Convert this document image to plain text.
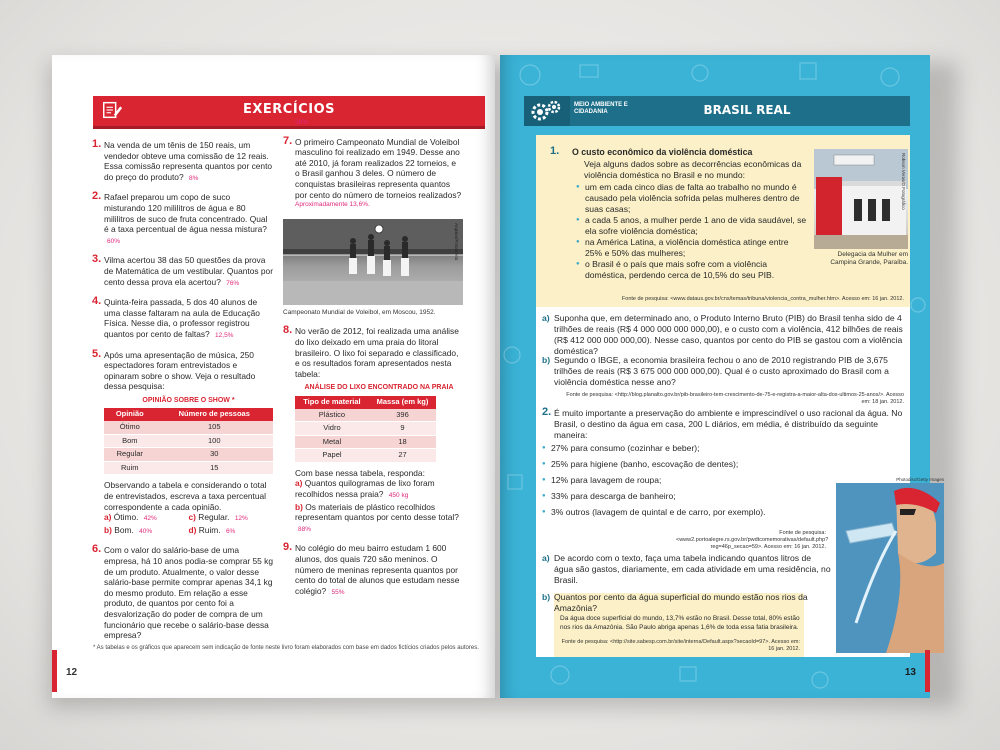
EXERCÍCIOS
1. Na venda de um tênis de 150 reais, um vendedor obteve uma comissão de 12 reais. Essa comissão representa quantos por cento do preço do produto? 8%
2. Rafael preparou um copo de suco misturando 120 mililitros de água e 80 mililitros de suco de fruta concentrado. Qual é a taxa percentual de água nessa mistura? 60%
3. Vilma acertou 38 das 50 questões da prova de Matemática de um vestibular. Quantos por cento dessa prova ela acertou? 76%
4. Quinta-feira passada, 5 dos 40 alunos de uma classe faltaram na aula de Educação Física. Nesse dia, o professor registrou quantos por cento de faltas? 12,5%
5. Após uma apresentação de música, 250 espectadores foram entrevistados e opinaram sobre o show. Veja o resultado dessa pesquisa:
OPINIÃO SOBRE O SHOW *
Opinião	Número de pessoas
Ótimo	105
Bom	100
Regular	30
Ruim	15
Observando a tabela e considerando o total de entrevistados, escreva a taxa percentual correspondente a cada opinião.
a) Ótimo. 42%	c) Regular. 12%
b) Bom. 40%	d) Ruim. 6%
6. Com o valor do salário-base de uma empresa, há 10 anos podia-se comprar 55 kg de um produto. Atualmente, o valor desse salário-base permite comprar apenas 34,1 kg do mesmo produto. Em relação a esse produto, de quantos por cento foi a desvalorização do poder de compra de um funcionário que recebe o salário-base dessa empresa?
38%
7. O primeiro Campeonato Mundial de Voleibol masculino foi realizado em 1949. Desse ano até 2010, já foram realizados 22 torneios, e o Brasil ganhou 3 deles. O número de conquistas brasileiras representa quantos por cento do número de torneios realizados?
Aproximadamente 13,6%.
Arquivo/Fotoarena
Campeonato Mundial de Voleibol, em Moscou, 1952.
8. No verão de 2012, foi realizada uma análise do lixo deixado em uma praia do litoral brasileiro. O lixo foi separado e classificado, e os resultados foram apresentados nesta tabela:
ANÁLISE DO LIXO ENCONTRADO NA PRAIA
Tipo de material	Massa (em kg)
Plástico	396
Vidro	9
Metal	18
Papel	27
Com base nessa tabela, responda:
a) Quantos quilogramas de lixo foram recolhidos nessa praia? 450 kg
b) Os materiais de plástico recolhidos representam quantos por cento desse total? 88%
9. No colégio do meu bairro estudam 1 600 alunos, dos quais 720 são meninos. O número de meninas representa quantos por cento do total de alunos que estudam nesse colégio? 55%
* As tabelas e os gráficos que aparecem sem indicação de fonte neste livro foram elaborados com base em dados fictícios criados pelos autores.
12
MEIO AMBIENTE E CIDADANIA	BRASIL REAL
1. O custo econômico da violência doméstica
Veja alguns dados sobre as decorrências econômicas da violência doméstica no Brasil e no mundo:
● um em cada cinco dias de falta ao trabalho no mundo é causado pela violência sofrida pelas mulheres dentro de suas casas;
● a cada 5 anos, a mulher perde 1 ano de vida saudável, se ela sofre violência doméstica;
● na América Latina, a violência doméstica atinge entre 25% e 50% das mulheres;
● o Brasil é o país que mais sofre com a violência doméstica, perdendo cerca de 10,5% do seu PIB.
Robson Veras/O Fotográfico
Delegacia da Mulher em Campina Grande, Paraíba.
Fonte de pesquisa: <www.dataus.gov.br/cns/temas/tribuna/violencia_contra_mulher.htm>. Acesso em: 16 jan. 2012.
a) Suponha que, em determinado ano, o Produto Interno Bruto (PIB) do Brasil tenha sido de 4 trilhões de reais (R$ 4 000 000 000 000,00), e o custo com a violência, 412 bilhões de reais (R$ 412 000 000 000,00). Nesse caso, quantos por cento do PIB se gastou com a violência doméstica?
b) Segundo o IBGE, a economia brasileira fechou o ano de 2010 registrando PIB de 3,675 trilhões de reais (R$ 3 675 000 000 000,00). Qual é o custo aproximado do Brasil com a violência doméstica nesse ano?
Fonte de pesquisa: <http://blog.planalto.gov.br/pib-brasileiro-tem-crescimento-de-75-e-registra-a-maior-alta-dos-ultimos-25-anos/>. Acesso em: 18 jan. 2012.
2. É muito importante a preservação do ambiente e imprescindível o uso racional da água. No Brasil, o destino da água em casa, 200 L diários, em média, é distribuído da seguinte maneira:
● 27% para consumo (cozinhar e beber);
● 25% para higiene (banho, escovação de dentes);
● 12% para lavagem de roupa;
● 33% para descarga de banheiro;
● 3% outros (lavagem de quintal e de carro, por exemplo).
Fonte de pesquisa: <www2.portoalegre.rs.gov.br/pwdtcomemorativas/default.php?reg=46p_secao=59>. Acesso em: 16 jan. 2012.
Photodisc/Getty Images
a) De acordo com o texto, faça uma tabela indicando quantos litros de água são gastos, diariamente, em cada atividade em uma residência, no Brasil.
b) Quantos por cento da água superficial do mundo estão nos rios da Amazônia?
Da água doce superficial do mundo, 13,7% estão no Brasil. Desse total, 80% estão nos rios da Amazônia. São Paulo abriga apenas 1,6% de toda essa fatia brasileira.
Fonte de pesquisa: <http://site.sabesp.com.br/site/interna/Default.aspx?secaoId=97>. Acesso em: 16 jan. 2012.
13
